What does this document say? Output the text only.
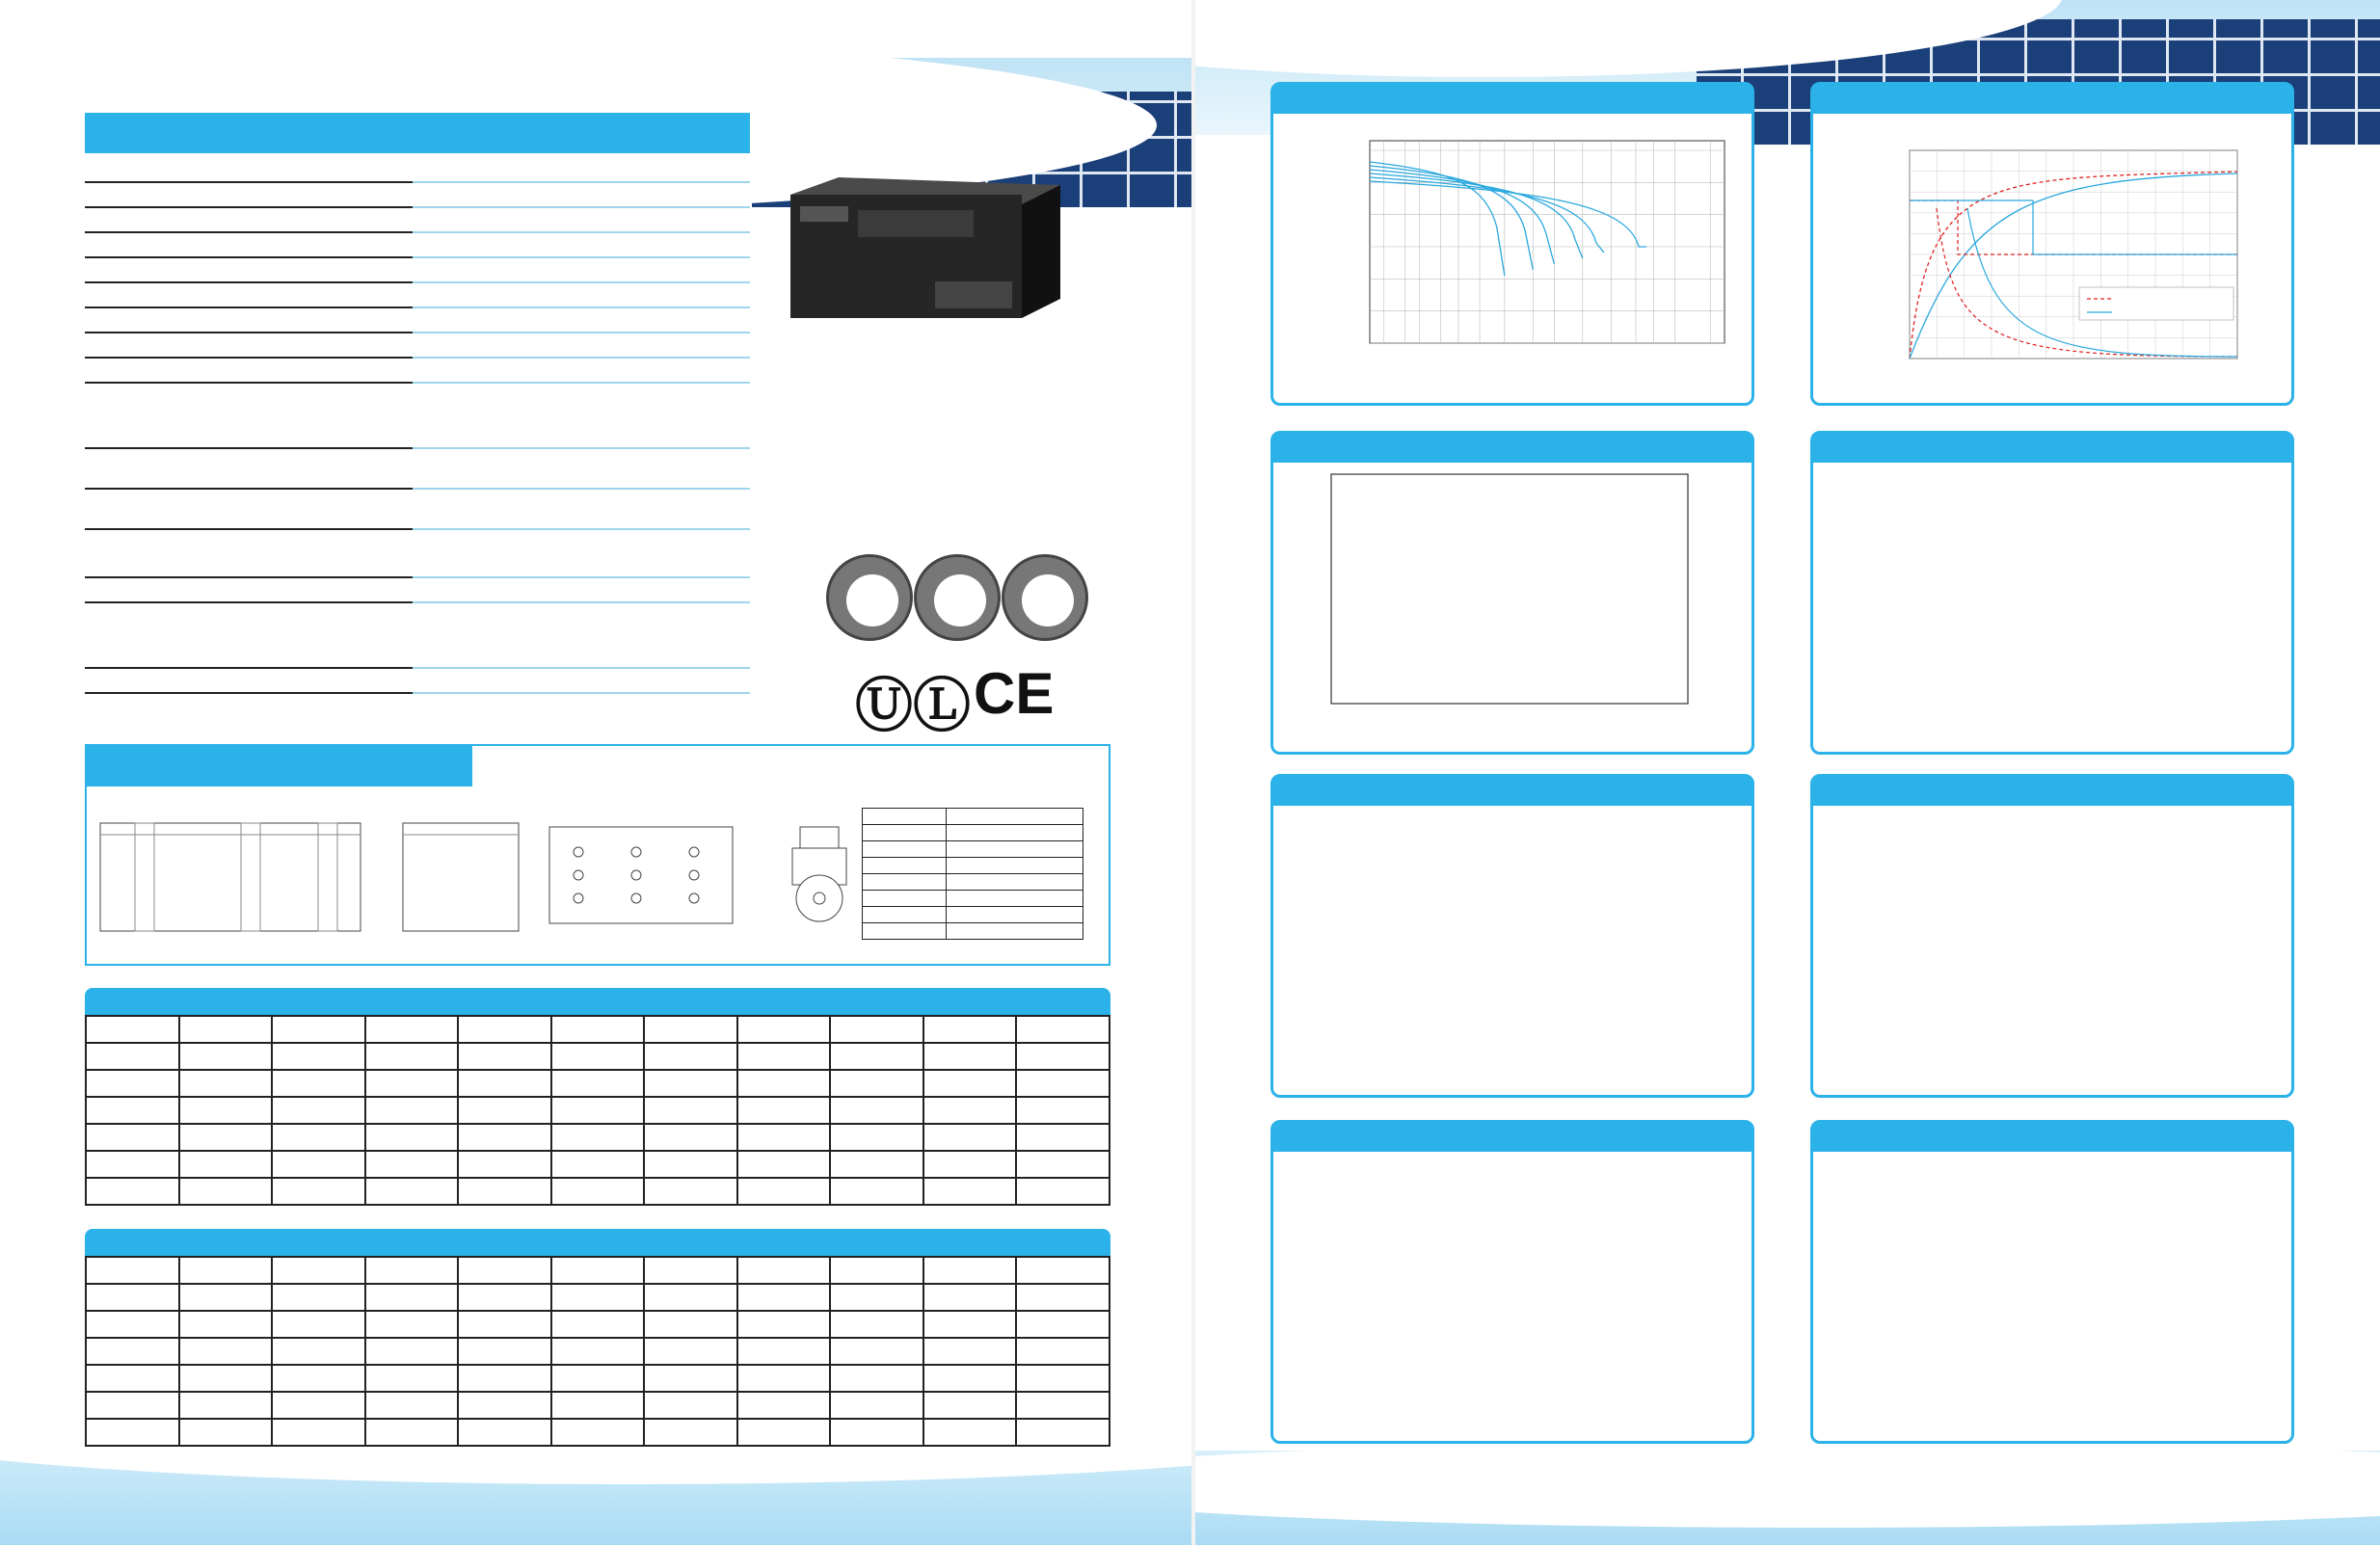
ⓊⓁ CE
